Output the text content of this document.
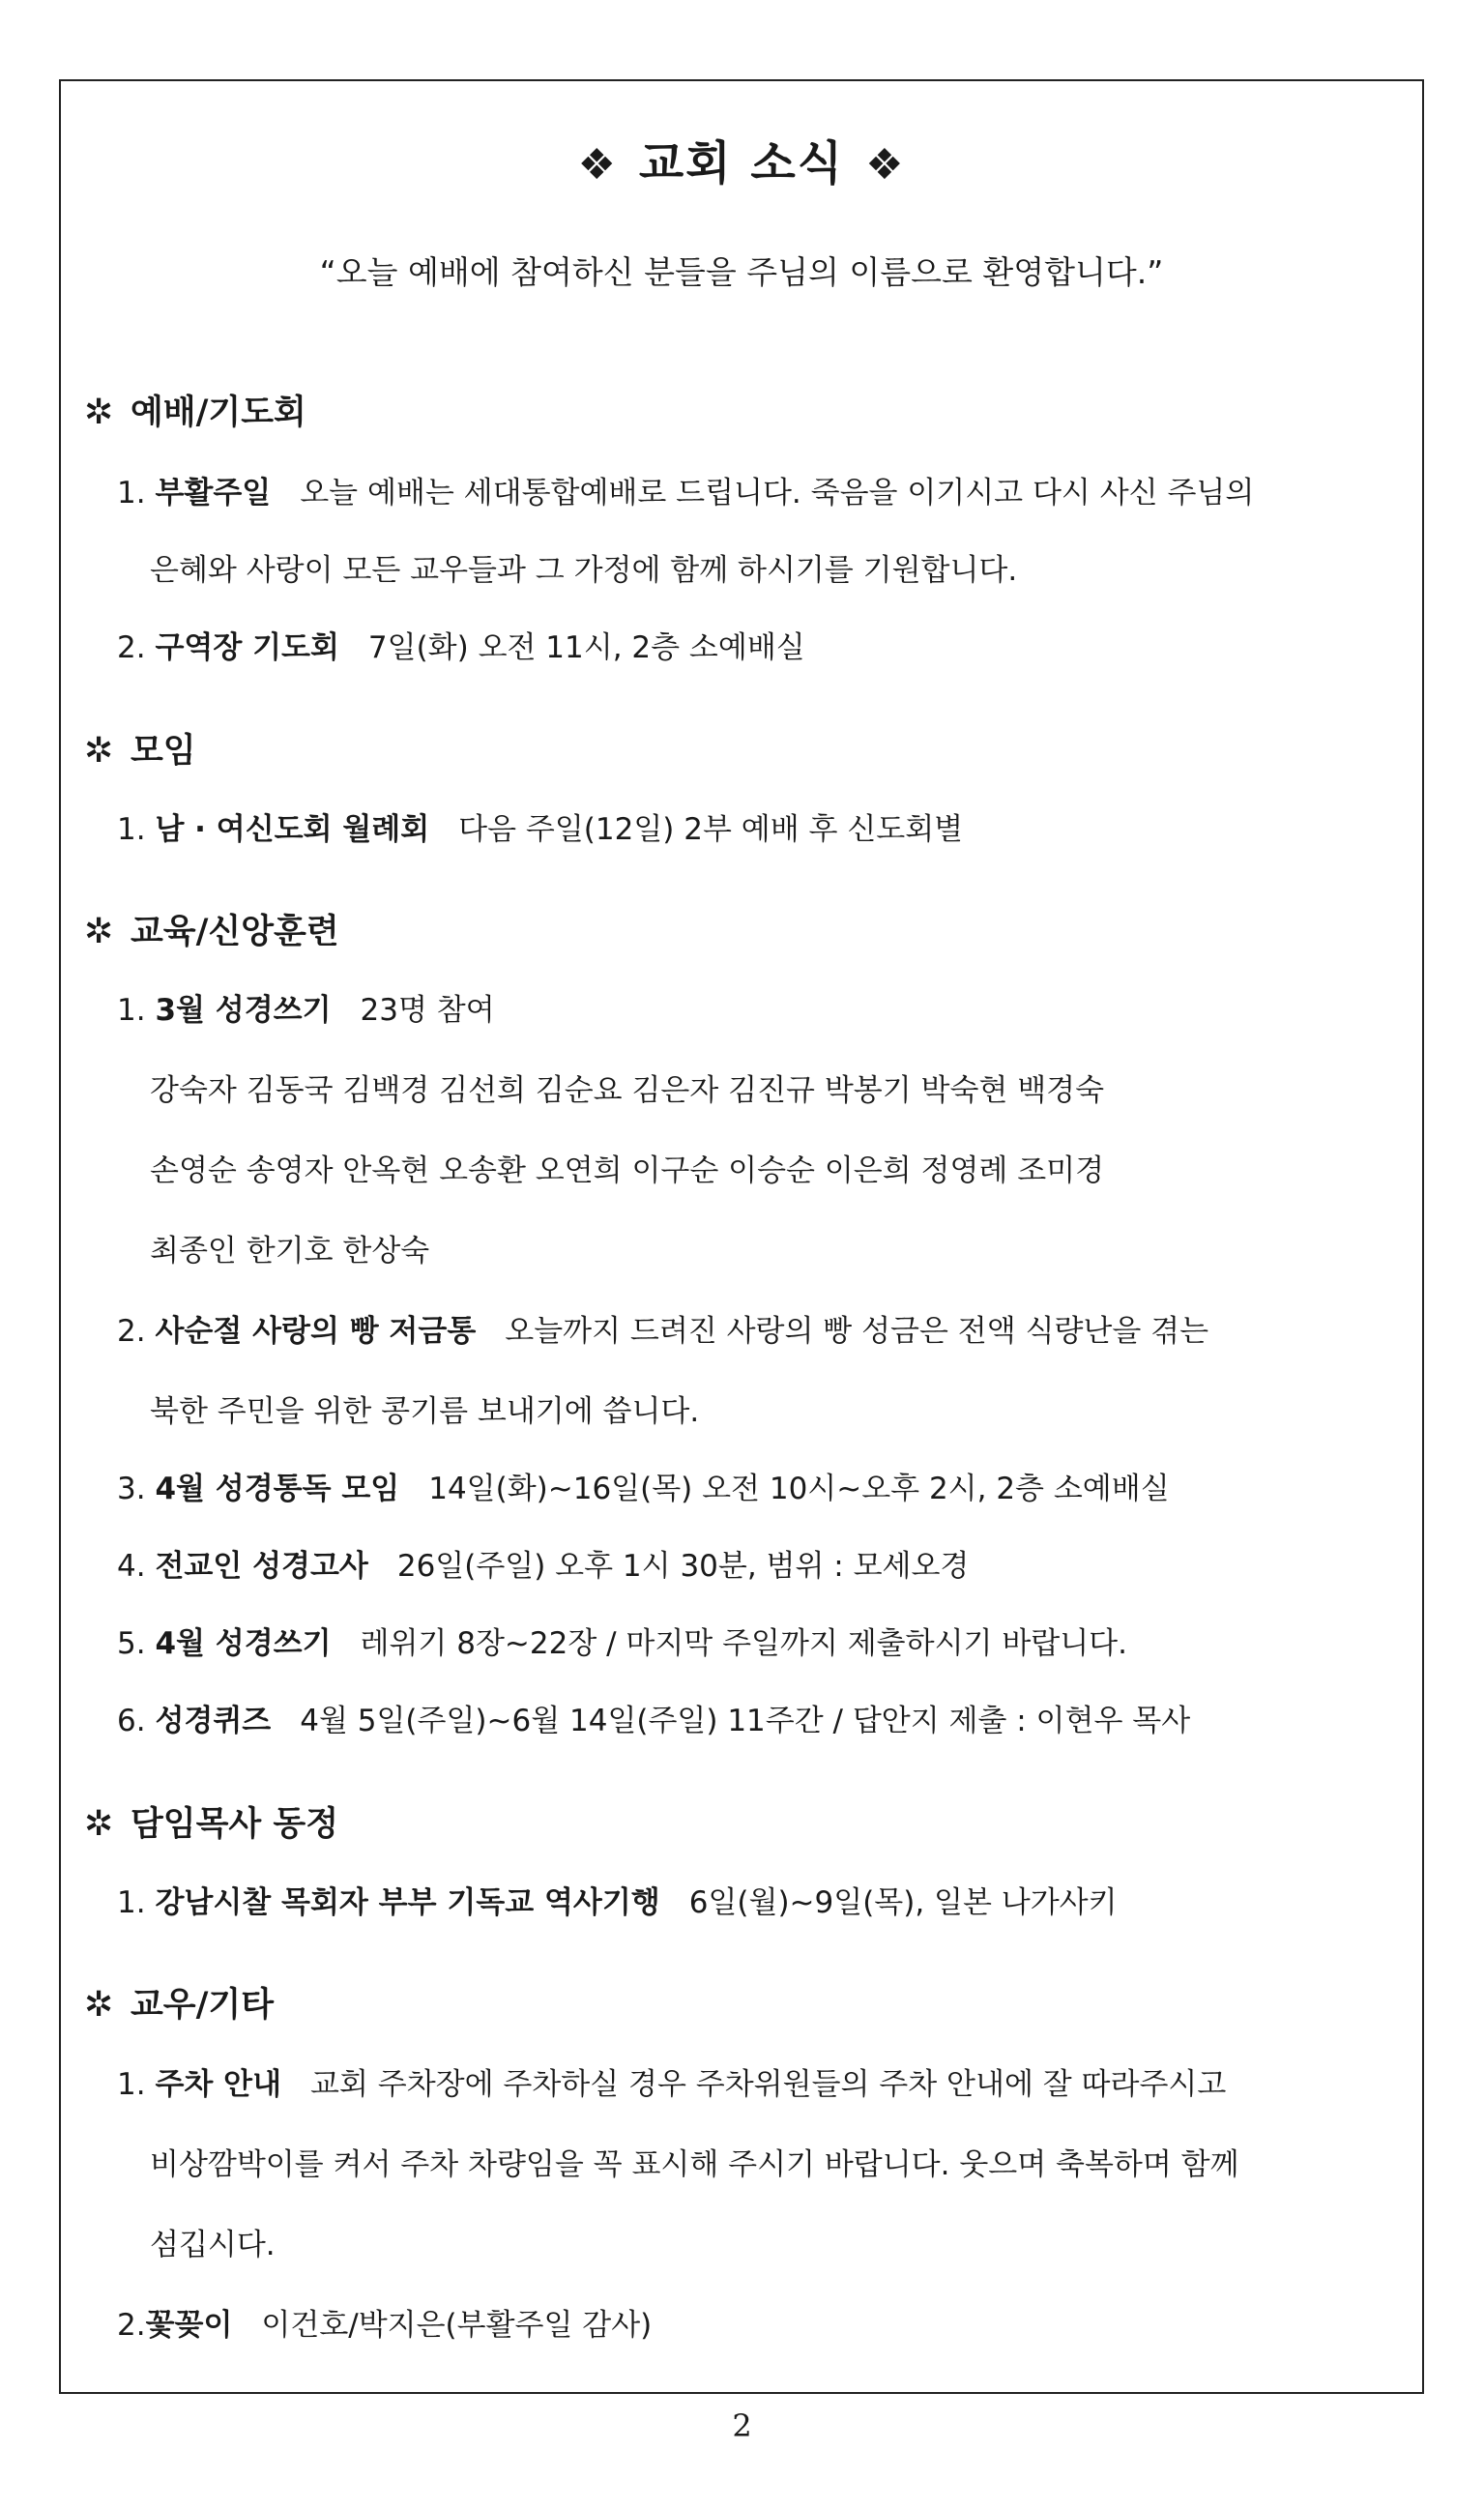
❖ 교회 소식 ❖
“오늘 예배에 참여하신 분들을 주님의 이름으로 환영합니다.”
✲ 예배/기도회
1. 부활주일 오늘 예배는 세대통합예배로 드립니다. 죽음을 이기시고 다시 사신 주님의
은혜와 사랑이 모든 교우들과 그 가정에 함께 하시기를 기원합니다.
2. 구역장 기도회 7일(화) 오전 11시, 2층 소예배실
✲ 모임
1. 남 · 여신도회 월례회 다음 주일(12일) 2부 예배 후 신도회별
✲ 교육/신앙훈련
1. 3월 성경쓰기 23명 참여
강숙자 김동국 김백경 김선희 김순요 김은자 김진규 박봉기 박숙현 백경숙
손영순 송영자 안옥현 오송환 오연희 이구순 이승순 이은희 정영례 조미경
최종인 한기호 한상숙
2. 사순절 사랑의 빵 저금통 오늘까지 드려진 사랑의 빵 성금은 전액 식량난을 겪는
북한 주민을 위한 콩기름 보내기에 씁니다.
3. 4월 성경통독 모임 14일(화)~16일(목) 오전 10시~오후 2시, 2층 소예배실
4. 전교인 성경고사 26일(주일) 오후 1시 30분, 범위 : 모세오경
5. 4월 성경쓰기 레위기 8장~22장 / 마지막 주일까지 제출하시기 바랍니다.
6. 성경퀴즈 4월 5일(주일)~6월 14일(주일) 11주간 / 답안지 제출 : 이현우 목사
✲ 담임목사 동정
1. 강남시찰 목회자 부부 기독교 역사기행 6일(월)~9일(목), 일본 나가사키
✲ 교우/기타
1. 주차 안내 교회 주차장에 주차하실 경우 주차위원들의 주차 안내에 잘 따라주시고
비상깜박이를 켜서 주차 차량임을 꼭 표시해 주시기 바랍니다. 웃으며 축복하며 함께
섬깁시다.
2.꽃꽂이 이건호/박지은(부활주일 감사)
2
